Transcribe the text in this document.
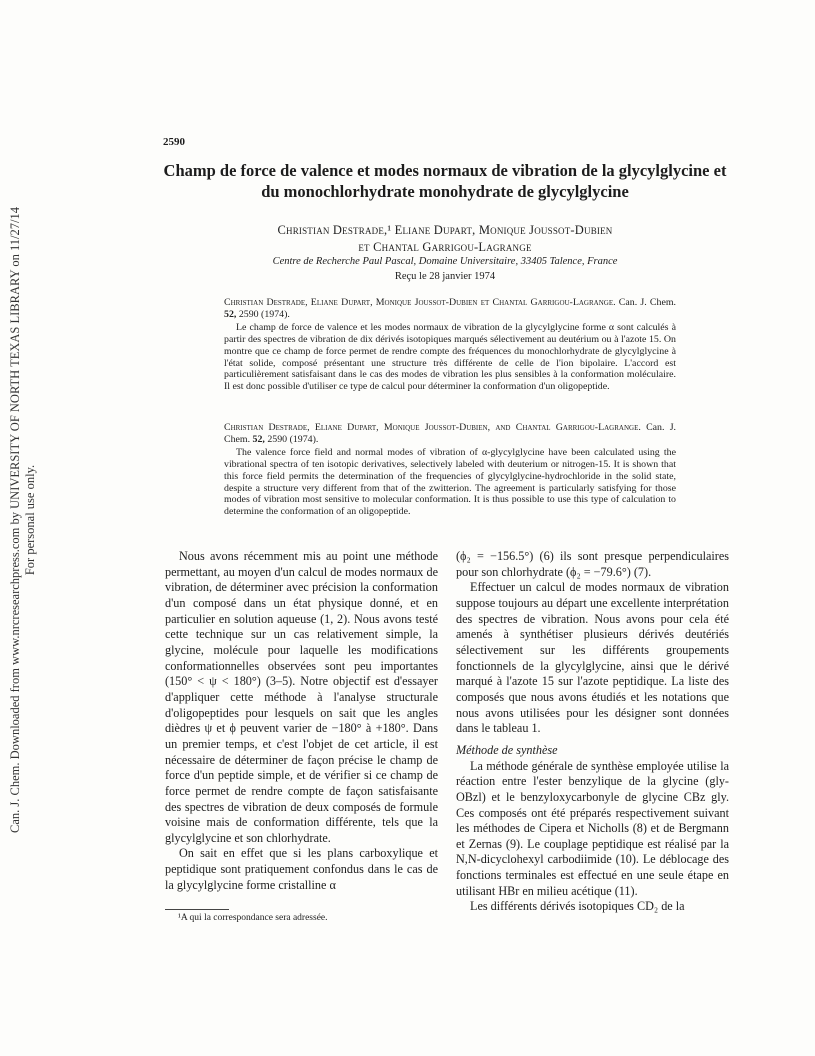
Can. J. Chem. Downloaded from www.nrcresearchpress.com by UNIVERSITY OF NORTH TEXAS LIBRARY on 11/27/14 For personal use only.
2590
Champ de force de valence et modes normaux de vibration de la glycylglycine et du monochlorhydrate monohydrate de glycylglycine
Christian Destrade,¹ Eliane Dupart, Monique Joussot-Dubien
et Chantal Garrigou-Lagrange
Centre de Recherche Paul Pascal, Domaine Universitaire, 33405 Talence, France
Reçu le 28 janvier 1974
Christian Destrade, Eliane Dupart, Monique Joussot-Dubien et Chantal Garrigou-Lagrange. Can. J. Chem. 52, 2590 (1974).

Le champ de force de valence et les modes normaux de vibration de la glycylglycine forme α sont calculés à partir des spectres de vibration de dix dérivés isotopiques marqués sélectivement au deutérium ou à l'azote 15. On montre que ce champ de force permet de rendre compte des fréquences du monochlorhydrate de glycylglycine à l'état solide, composé présentant une structure très différente de celle de l'ion bipolaire. L'accord est particulièrement satisfaisant dans le cas des modes de vibration les plus sensibles à la conformation moléculaire. Il est donc possible d'utiliser ce type de calcul pour déterminer la conformation d'un oligopeptide.

Christian Destrade, Eliane Dupart, Monique Joussot-Dubien, and Chantal Garrigou-Lagrange. Can. J. Chem. 52, 2590 (1974).

The valence force field and normal modes of vibration of α-glycylglycine have been calculated using the vibrational spectra of ten isotopic derivatives, selectively labeled with deuterium or nitrogen-15. It is shown that this force field permits the determination of the frequencies of glycylglycine-hydrochloride in the solid state, despite a structure very different from that of the zwitterion. The agreement is particularly satisfying for those modes of vibration most sensitive to molecular conformation. It is thus possible to use this type of calculation to determine the conformation of an oligopeptide.

Nous avons récemment mis au point une méthode permettant, au moyen d'un calcul de modes normaux de vibration, de déterminer avec précision la conformation d'un composé dans un état physique donné, et en particulier en solution aqueuse (1, 2). Nous avons testé cette technique sur un cas relativement simple, la glycine, molécule pour laquelle les modifications conformationnelles observées sont peu importantes (150° < ψ < 180°) (3–5). Notre objectif est d'essayer d'appliquer cette méthode à l'analyse structurale d'oligopeptides pour lesquels on sait que les angles dièdres ψ et ϕ peuvent varier de −180° à +180°. Dans un premier temps, et c'est l'objet de cet article, il est nécessaire de déterminer de façon précise le champ de force d'un peptide simple, et de vérifier si ce champ de force permet de rendre compte de façon satisfaisante des spectres de vibration de deux composés de formule voisine mais de conformation différente, tels que la glycylglycine et son chlorhydrate.

On sait en effet que si les plans carboxylique et peptidique sont pratiquement confondus dans le cas de la glycylglycine forme cristalline α

(ϕ₂ = −156.5°) (6) ils sont presque perpendiculaires pour son chlorhydrate (ϕ₂ = −79.6°) (7).

Effectuer un calcul de modes normaux de vibration suppose toujours au départ une excellente interprétation des spectres de vibration. Nous avons pour cela été amenés à synthétiser plusieurs dérivés deutériés sélectivement sur les différents groupements fonctionnels de la glycylglycine, ainsi que le dérivé marqué à l'azote 15 sur l'azote peptidique. La liste des composés que nous avons étudiés et les notations que nous avons utilisées pour les désigner sont données dans le tableau 1.

Méthode de synthèse

La méthode générale de synthèse employée utilise la réaction entre l'ester benzylique de la glycine (gly-OBzl) et le benzyloxycarbonyle de glycine CBz gly. Ces composés ont été préparés respectivement suivant les méthodes de Cipera et Nicholls (8) et de Bergmann et Zernas (9). Le couplage peptidique est réalisé par la N,N-dicyclohexyl carbodiimide (10). Le déblocage des fonctions terminales est effectué en une seule étape en utilisant HBr en milieu acétique (11).

Les différents dérivés isotopiques CD₂ de la

¹A qui la correspondance sera adressée.
